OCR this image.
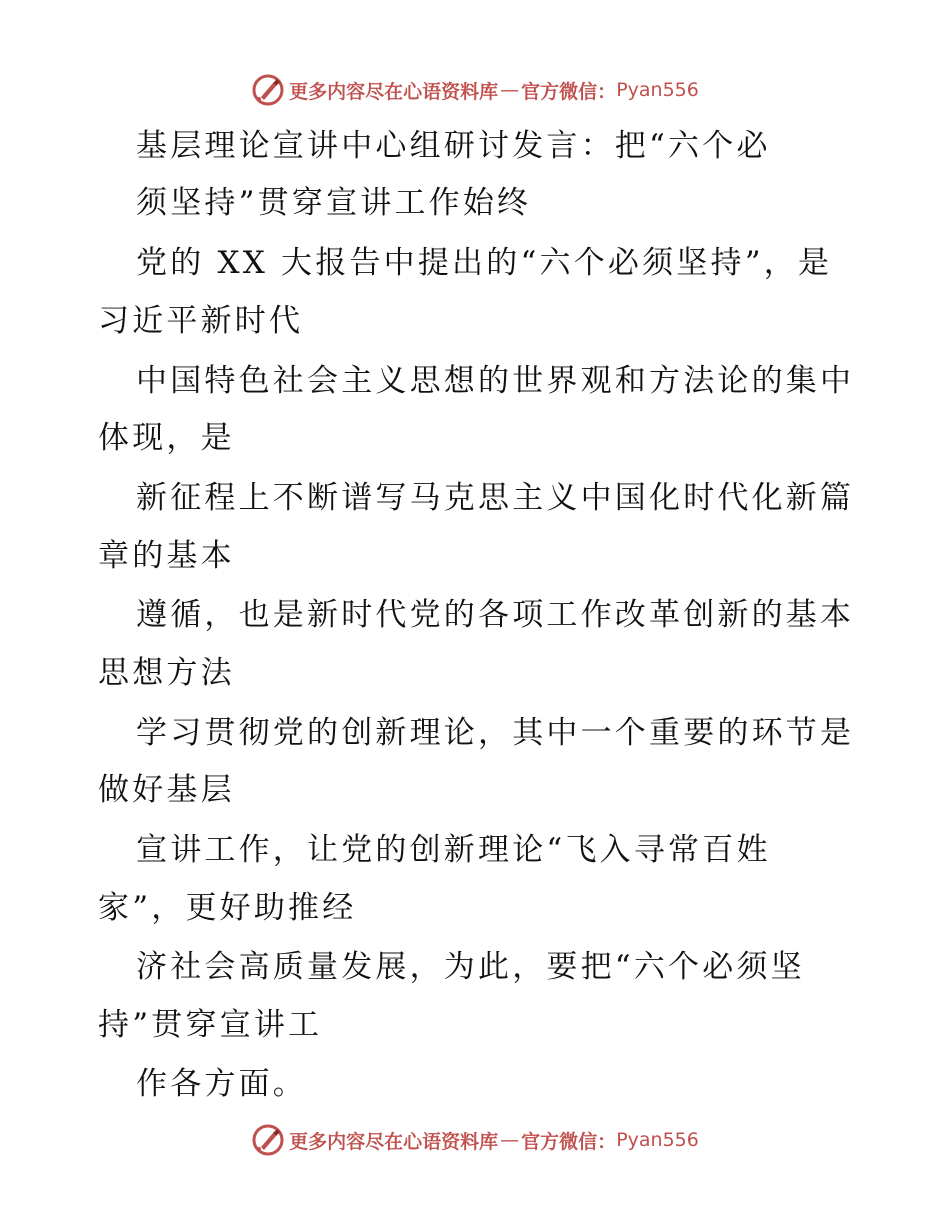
更多内容尽在心语资料库 — 官方微信： Pyan556
基层理论宣讲中心组研讨发言：把“六个必
须坚持”贯穿宣讲工作始终
党的 XX 大报告中提出的“六个必须坚持”，是
习近平新时代
中国特色社会主义思想的世界观和方法论的集中
体现，是
新征程上不断谱写马克思主义中国化时代化新篇
章的基本
遵循，也是新时代党的各项工作改革创新的基本
思想方法
学习贯彻党的创新理论，其中一个重要的环节是
做好基层
宣讲工作，让党的创新理论“飞入寻常百姓
家”，更好助推经
济社会高质量发展，为此，要把“六个必须坚
持”贯穿宣讲工
作各方面。
更多内容尽在心语资料库 — 官方微信： Pyan556
